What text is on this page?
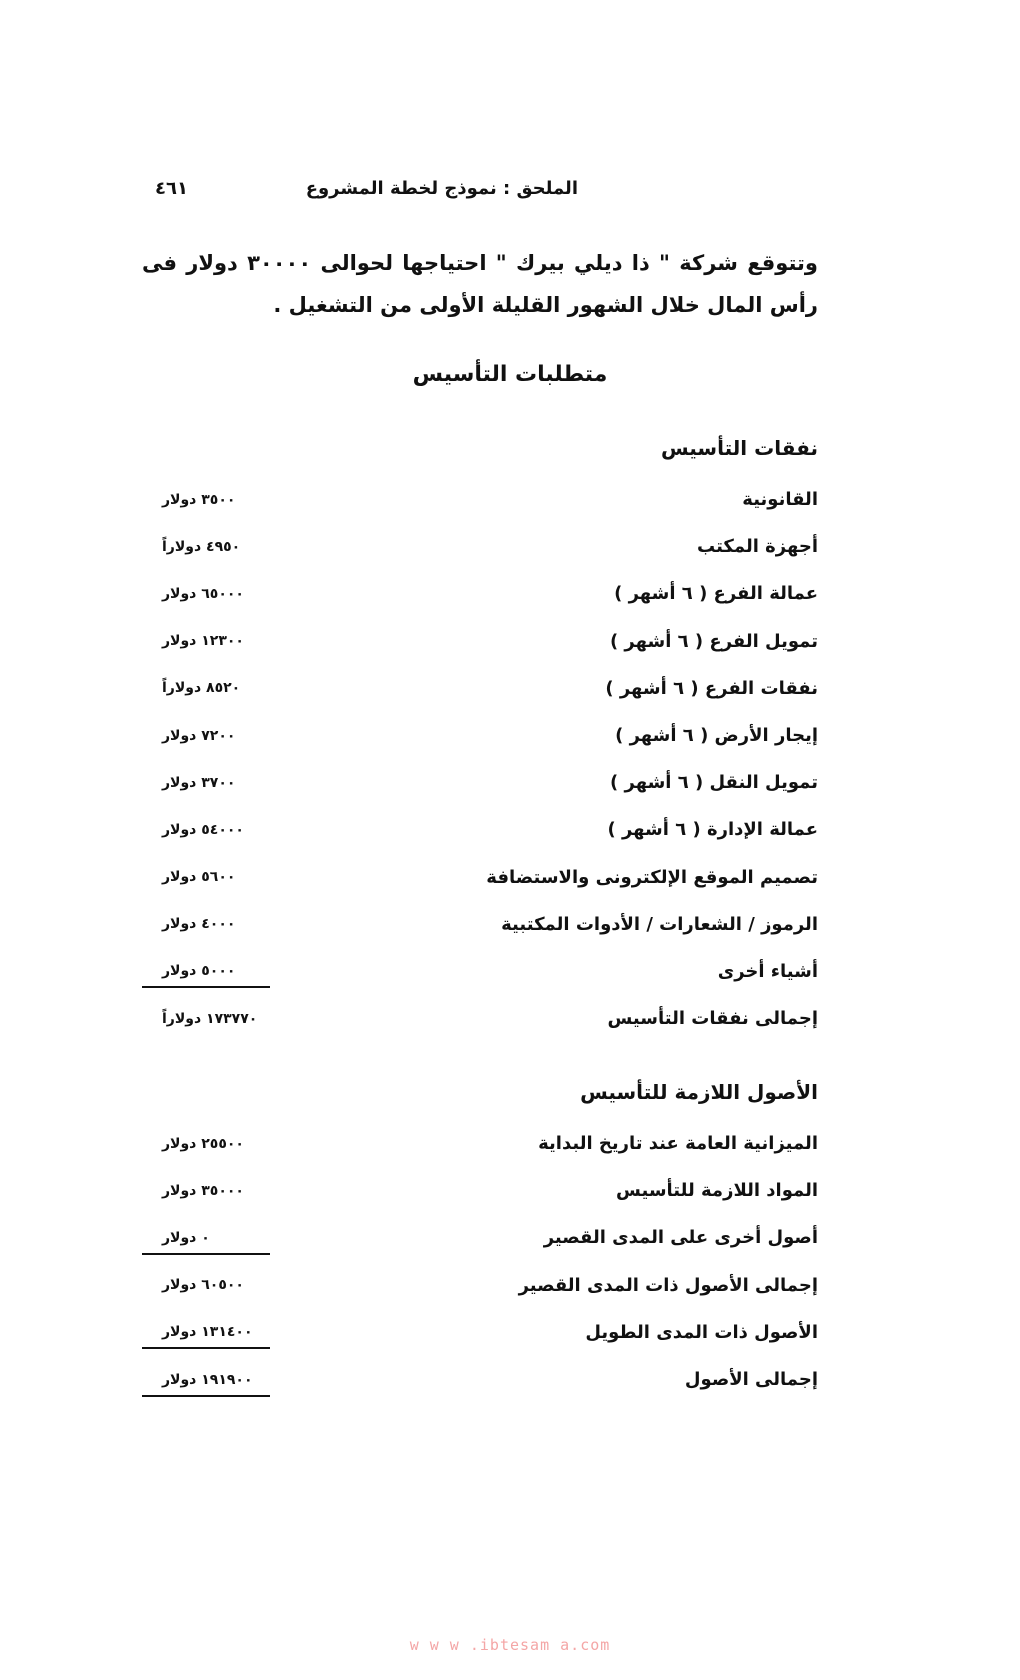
الملحق : نموذج لخطة المشروع
٤٦١

وتتوقع شركة " ذا ديلي بيرك " احتياجها لحوالى ٣٠٠٠٠ دولار فى رأس المال خلال الشهور القليلة الأولى من التشغيل .

متطلبات التأسيس
نفقات التأسيس
القانونية
٣٥٠٠ دولار
أجهزة المكتب
٤٩٥٠ دولاراً
عمالة الفرع ( ٦ أشهر )
٦٥٠٠٠ دولار
تمويل الفرع ( ٦ أشهر )
١٢٣٠٠ دولار
نفقات الفرع ( ٦ أشهر )
٨٥٢٠ دولاراً
إيجار الأرض ( ٦ أشهر )
٧٢٠٠ دولار
تمويل النقل ( ٦ أشهر )
٣٧٠٠ دولار
عمالة الإدارة ( ٦ أشهر )
٥٤٠٠٠ دولار
تصميم الموقع الإلكترونى والاستضافة
٥٦٠٠ دولار
الرموز / الشعارات / الأدوات المكتبية
٤٠٠٠ دولار
أشياء أخرى
٥٠٠٠ دولار
إجمالى نفقات التأسيس
١٧٣٧٧٠ دولاراً
الأصول اللازمة للتأسيس
الميزانية العامة عند تاريخ البداية
٢٥٥٠٠ دولار
المواد اللازمة للتأسيس
٣٥٠٠٠ دولار
أصول أخرى على المدى القصير
٠ دولار
إجمالى الأصول ذات المدى القصير
٦٠٥٠٠ دولار
الأصول ذات المدى الطويل
١٣١٤٠٠ دولار
إجمالى الأصول
١٩١٩٠٠ دولار
w w w .ibtesam a.com
